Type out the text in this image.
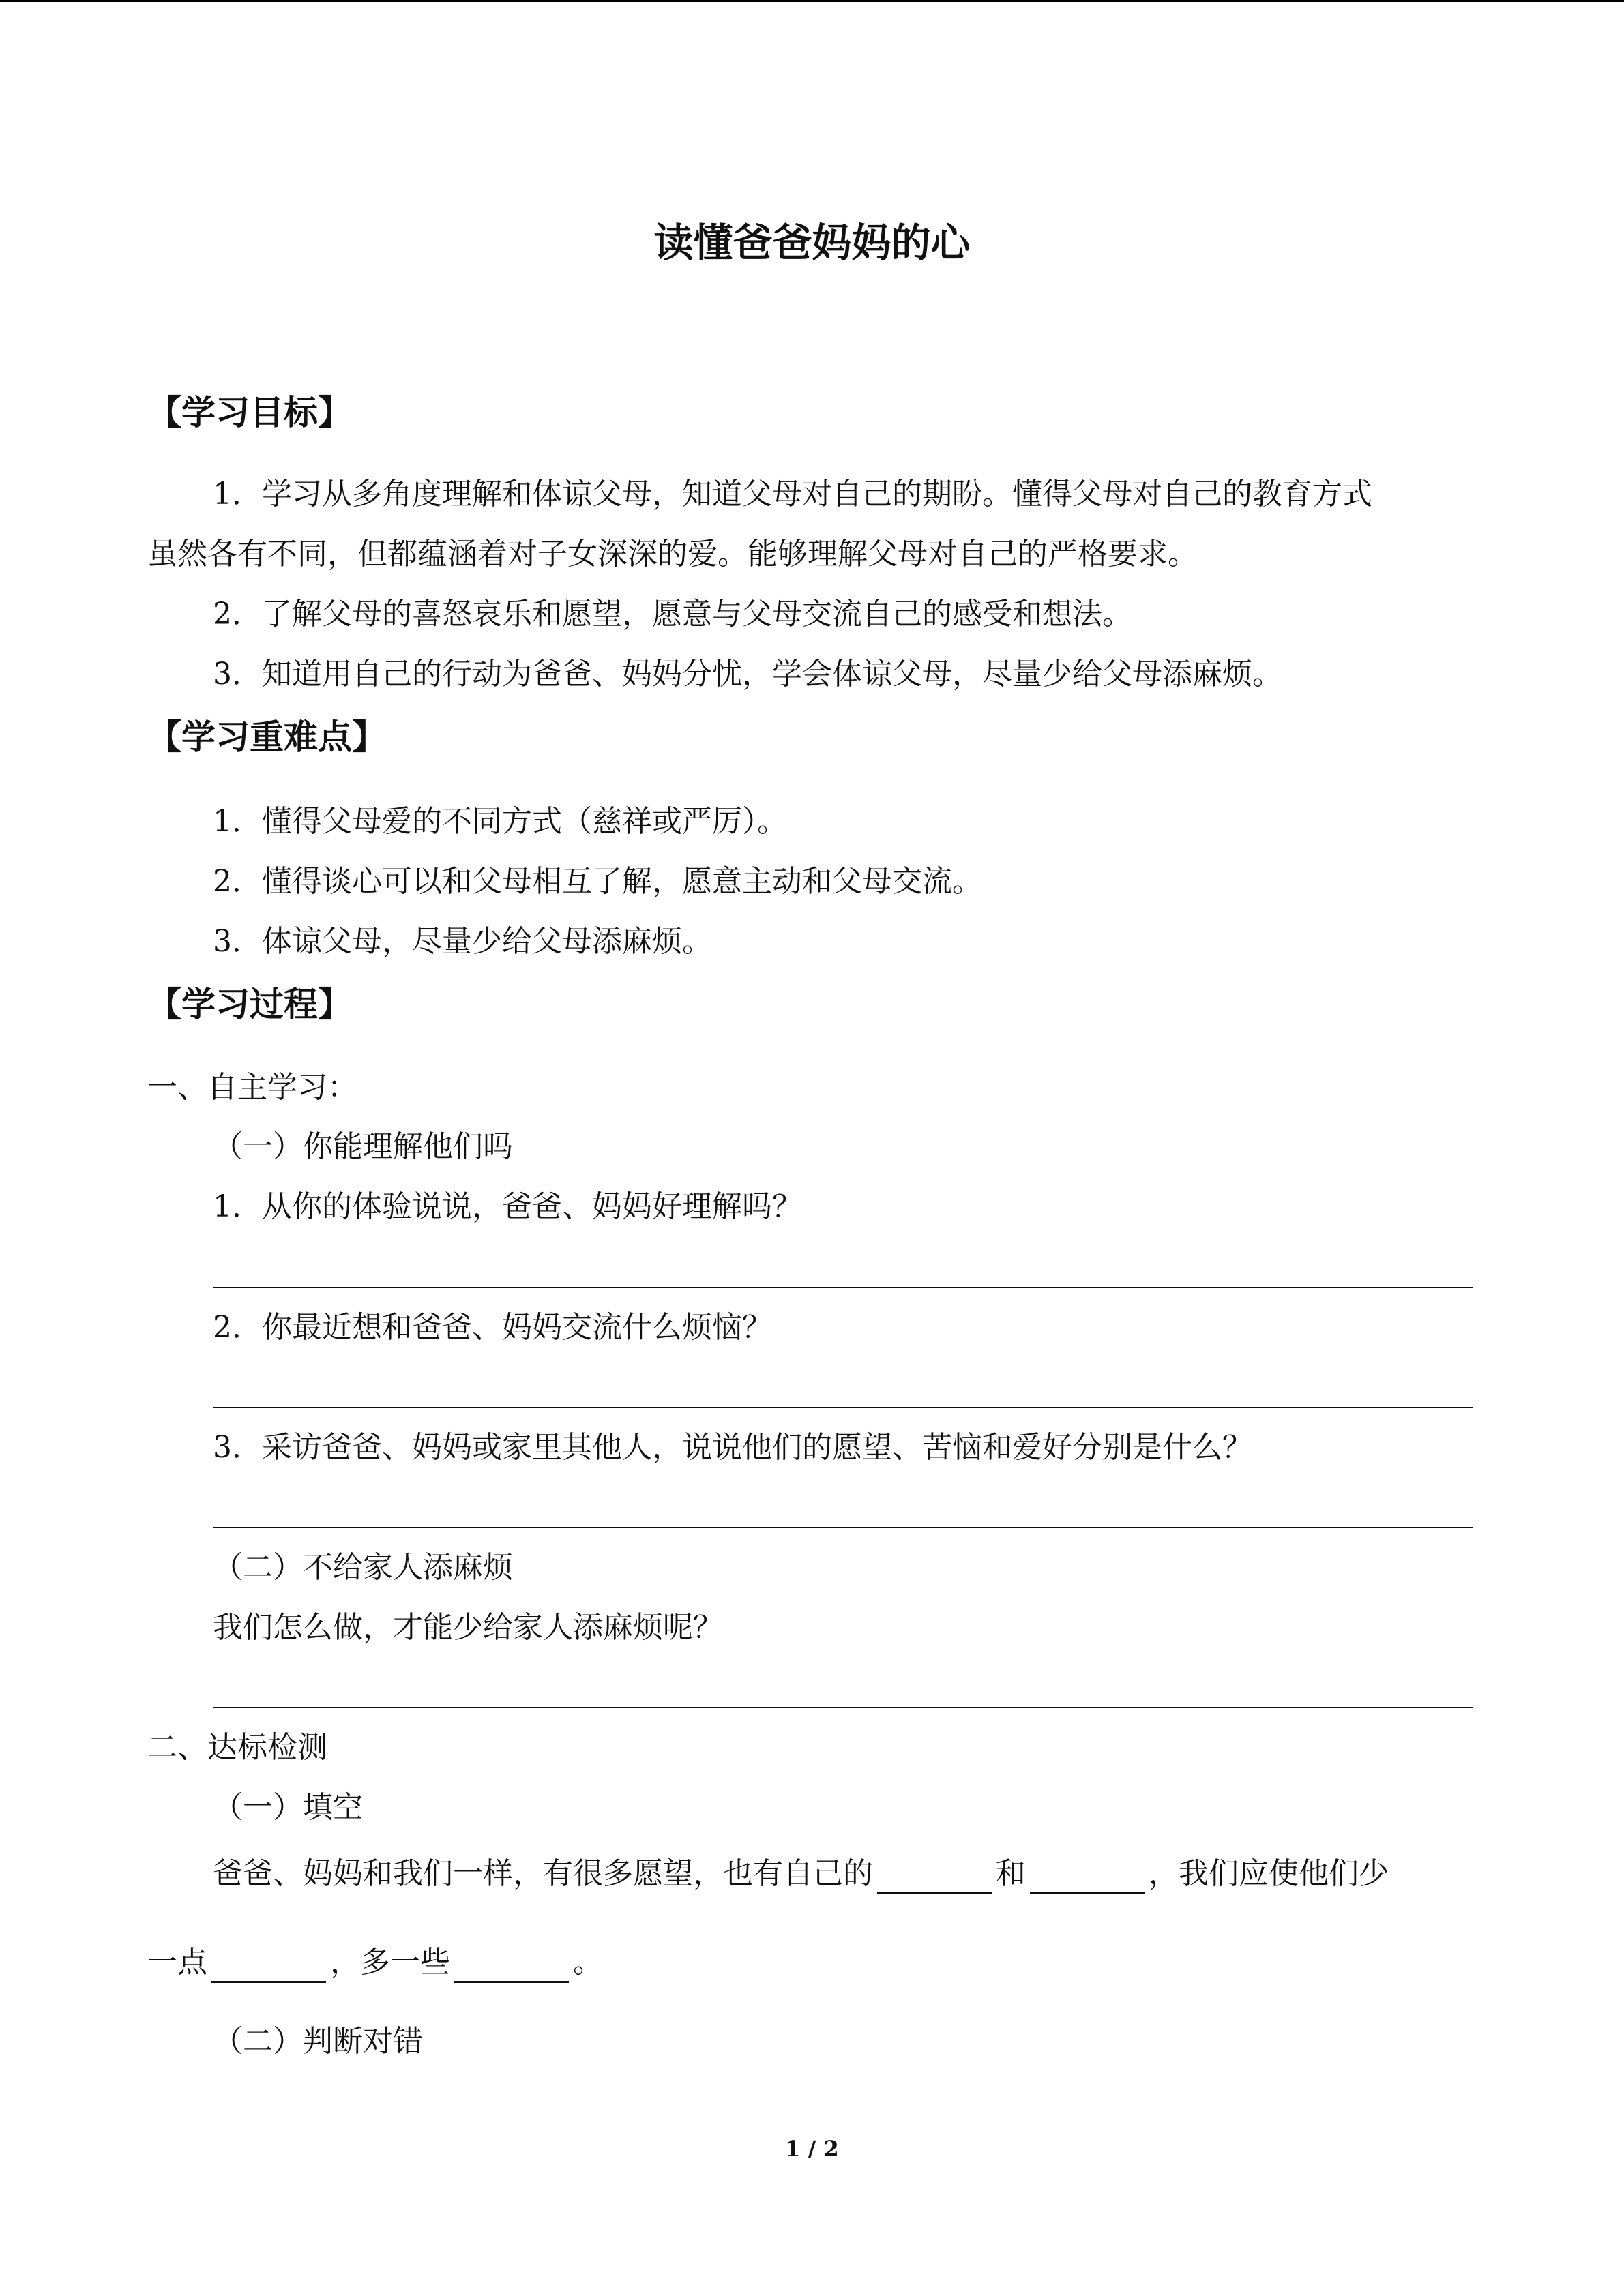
读懂爸爸妈妈的心
【学习目标】
1．学习从多角度理解和体谅父母，知道父母对自己的期盼。懂得父母对自己的教育方式
虽然各有不同，但都蕴涵着对子女深深的爱。能够理解父母对自己的严格要求。
2．了解父母的喜怒哀乐和愿望，愿意与父母交流自己的感受和想法。
3．知道用自己的行动为爸爸、妈妈分忧，学会体谅父母，尽量少给父母添麻烦。
【学习重难点】
1．懂得父母爱的不同方式（慈祥或严厉）。
2．懂得谈心可以和父母相互了解，愿意主动和父母交流。
3．体谅父母，尽量少给父母添麻烦。
【学习过程】
一、自主学习：
（一）你能理解他们吗
1．从你的体验说说，爸爸、妈妈好理解吗？
2．你最近想和爸爸、妈妈交流什么烦恼？
3．采访爸爸、妈妈或家里其他人，说说他们的愿望、苦恼和爱好分别是什么？
（二）不给家人添麻烦
我们怎么做，才能少给家人添麻烦呢？
二、达标检测
（一）填空
爸爸、妈妈和我们一样，有很多愿望，也有自己的	和	，我们应使他们少
一点	，多一些	。
（二）判断对错
1 / 2
